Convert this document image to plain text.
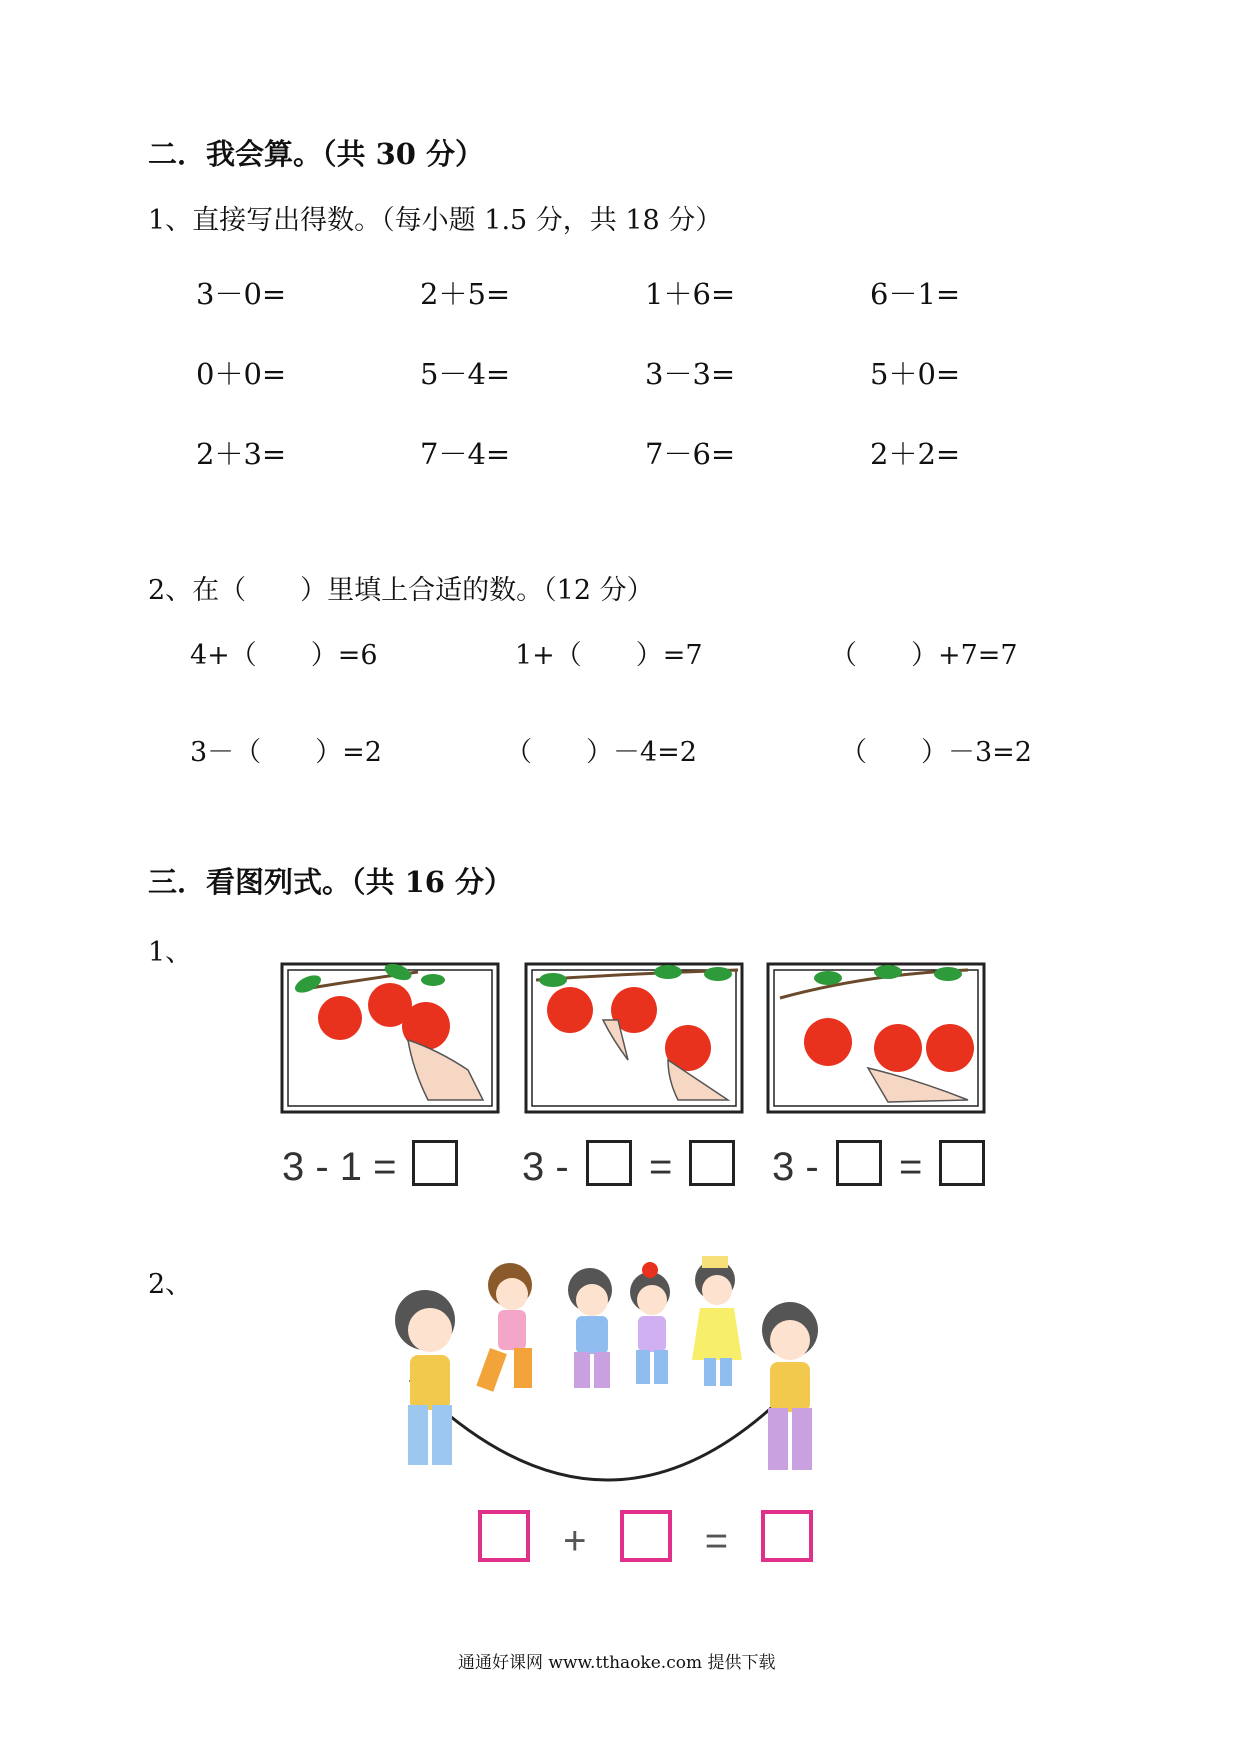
二．我会算。（共 30 分）
1、直接写出得数。（每小题 1.5 分，共 18 分）
3－0=	2＋5=	1＋6=	6－1=
0＋0=	5－4=	3－3=	5＋0=
2＋3=	7－4=	7－6=	2＋2=
2、在（　　）里填上合适的数。（12 分）
4+（　　）=6	1+（　　）=7	（　　）+7=7
3－（　　）=2	（　　）－4=2	（　　）－3=2
三．看图列式。（共 16 分）
1、
3 - 1 =	3 - =	3 - =
2、
+	=
通通好课网 www.tthaoke.com 提供下载
